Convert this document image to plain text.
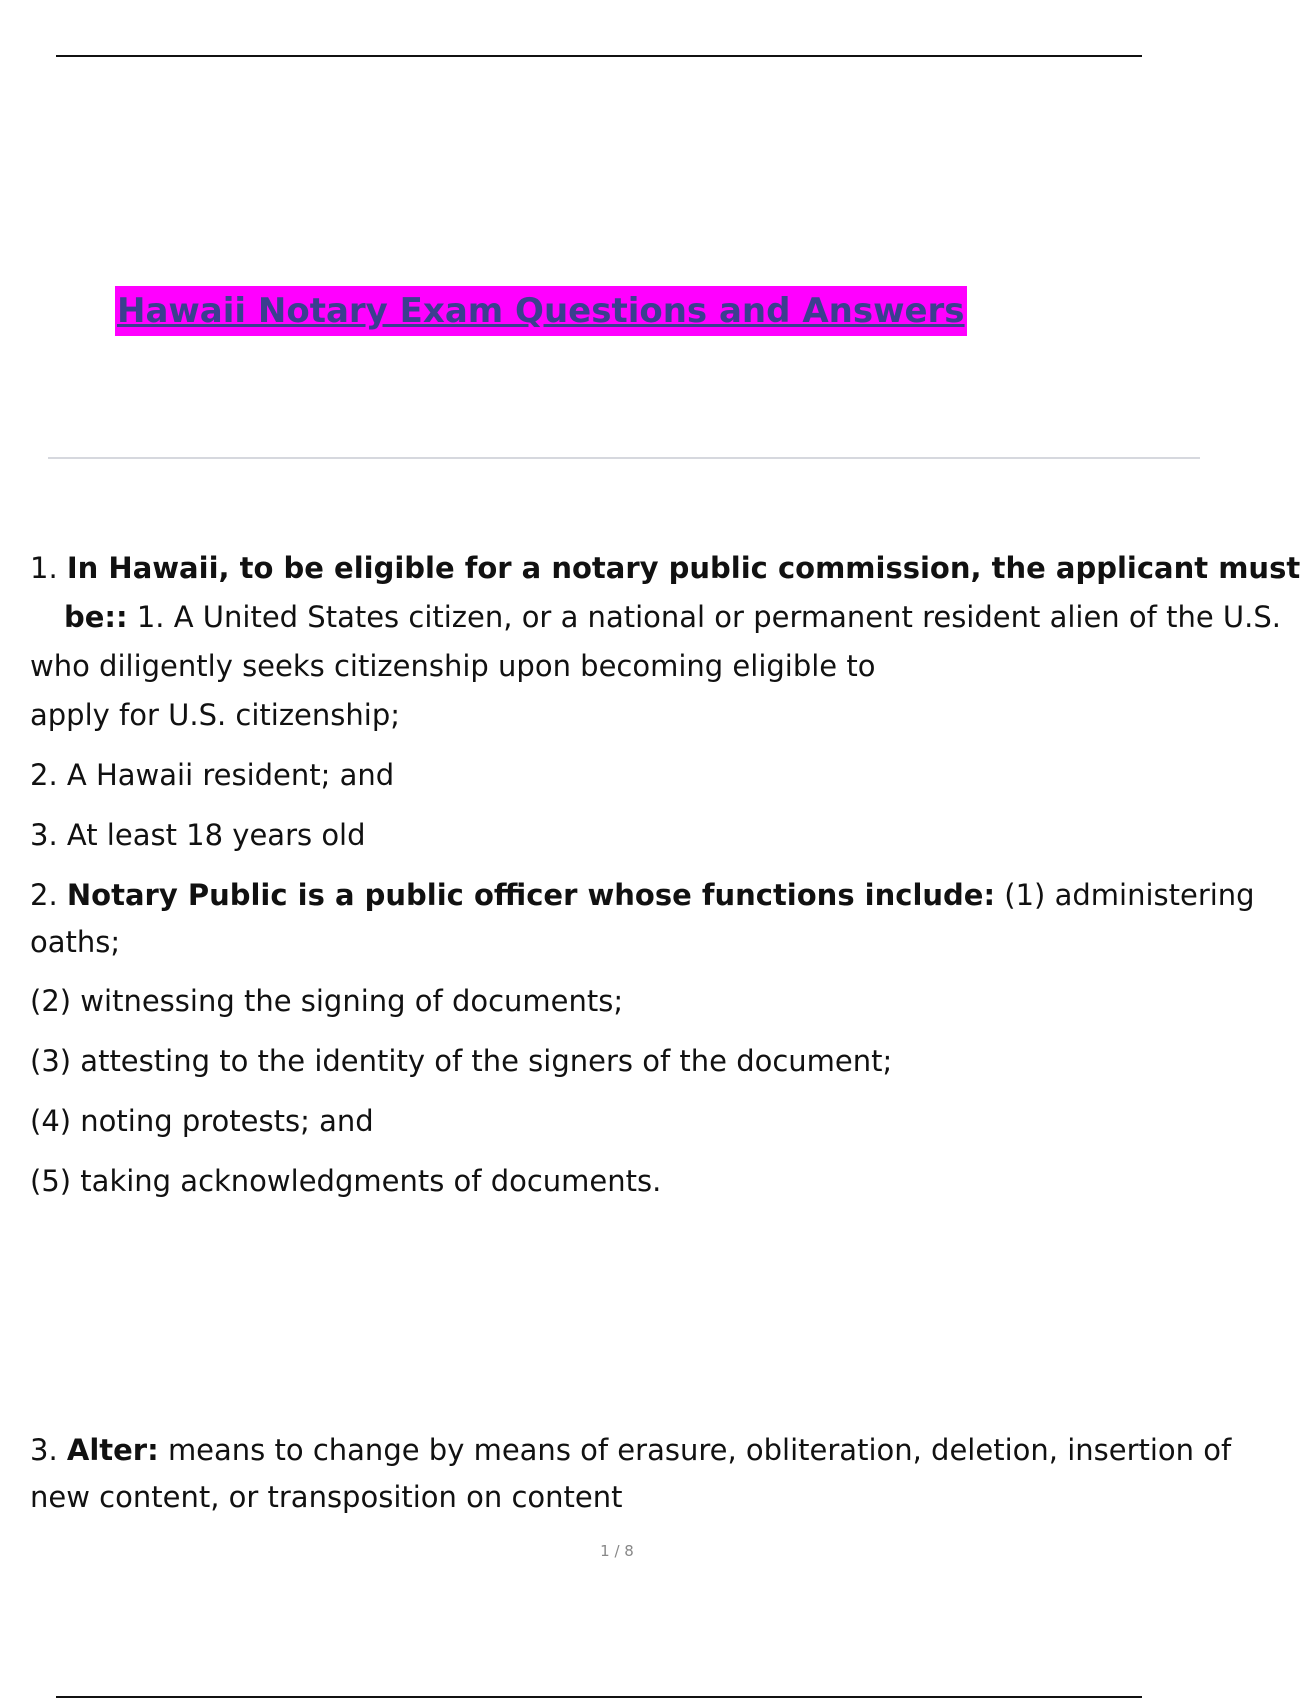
Hawaii Notary Exam Questions and Answers
1. In Hawaii, to be eligible for a notary public commission, the applicant must
be:: 1. A United States citizen, or a national or permanent resident alien of the U.S.
who diligently seeks citizenship upon becoming eligible to
apply for U.S. citizenship;
2. A Hawaii resident; and
3. At least 18 years old
2. Notary Public is a public officer whose functions include: (1) administering
oaths;
(2) witnessing the signing of documents;
(3) attesting to the identity of the signers of the document;
(4) noting protests; and
(5) taking acknowledgments of documents.
3. Alter: means to change by means of erasure, obliteration, deletion, insertion of
new content, or transposition on content
1 / 8
